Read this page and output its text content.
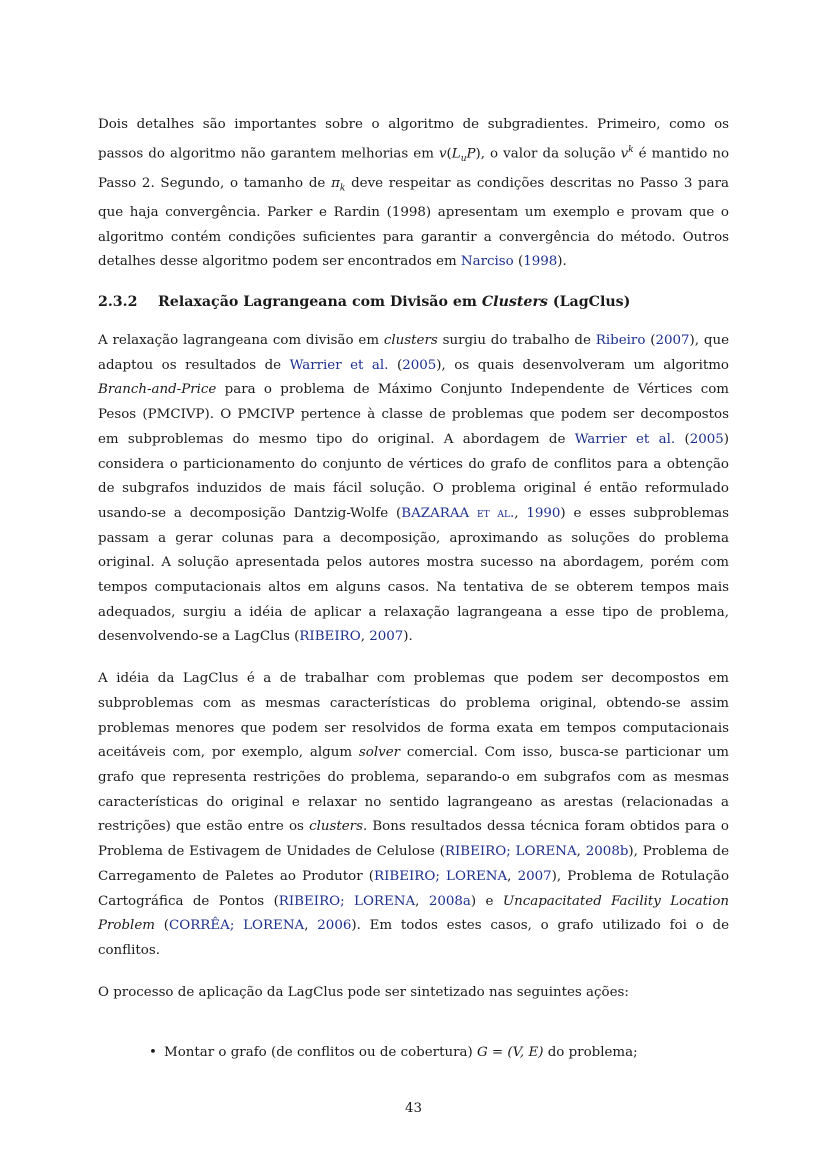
Dois detalhes são importantes sobre o algoritmo de subgradientes. Primeiro, como os passos do algoritmo não garantem melhorias em $v(L_uP)$, o valor da solução $v^k$ é mantido no Passo 2. Segundo, o tamanho de $\pi_k$ deve respeitar as condições descritas no Passo 3 para que haja convergência. Parker e Rardin (1998) apresentam um exemplo e provam que o algoritmo contém condições suficientes para garantir a convergência do método. Outros detalhes desse algoritmo podem ser encontrados em Narciso (1998).

2.3.2 Relaxação Lagrangeana com Divisão em Clusters (LagClus)

A relaxação lagrangeana com divisão em clusters surgiu do trabalho de Ribeiro (2007), que adaptou os resultados de Warrier et al. (2005), os quais desenvolveram um algoritmo Branch-and-Price para o problema de Máximo Conjunto Independente de Vértices com Pesos (PMCIVP). O PMCIVP pertence à classe de problemas que podem ser decompostos em subproblemas do mesmo tipo do original. A abordagem de Warrier et al. (2005) considera o particionamento do conjunto de vértices do grafo de conflitos para a obtenção de subgrafos induzidos de mais fácil solução. O problema original é então reformulado usando-se a decomposição Dantzig-Wolfe (BAZARAA et al., 1990) e esses subproblemas passam a gerar colunas para a decomposição, aproximando as soluções do problema original. A solução apresentada pelos autores mostra sucesso na abordagem, porém com tempos computacionais altos em alguns casos. Na tentativa de se obterem tempos mais adequados, surgiu a idéia de aplicar a relaxação lagrangeana a esse tipo de problema, desenvolvendo-se a LagClus (RIBEIRO, 2007).

A idéia da LagClus é a de trabalhar com problemas que podem ser decompostos em subproblemas com as mesmas características do problema original, obtendo-se assim problemas menores que podem ser resolvidos de forma exata em tempos computacionais aceitáveis com, por exemplo, algum solver comercial. Com isso, busca-se particionar um grafo que representa restrições do problema, separando-o em subgrafos com as mesmas características do original e relaxar no sentido lagrangeano as arestas (relacionadas a restrições) que estão entre os clusters. Bons resultados dessa técnica foram obtidos para o Problema de Estivagem de Unidades de Celulose (RIBEIRO; LORENA, 2008b), Problema de Carregamento de Paletes ao Produtor (RIBEIRO; LORENA, 2007), Problema de Rotulação Cartográfica de Pontos (RIBEIRO; LORENA, 2008a) e Uncapacitated Facility Location Problem (CORRÊA; LORENA, 2006). Em todos estes casos, o grafo utilizado foi o de conflitos.

O processo de aplicação da LagClus pode ser sintetizado nas seguintes ações:

• Montar o grafo (de conflitos ou de cobertura) G = (V, E) do problema;
43
